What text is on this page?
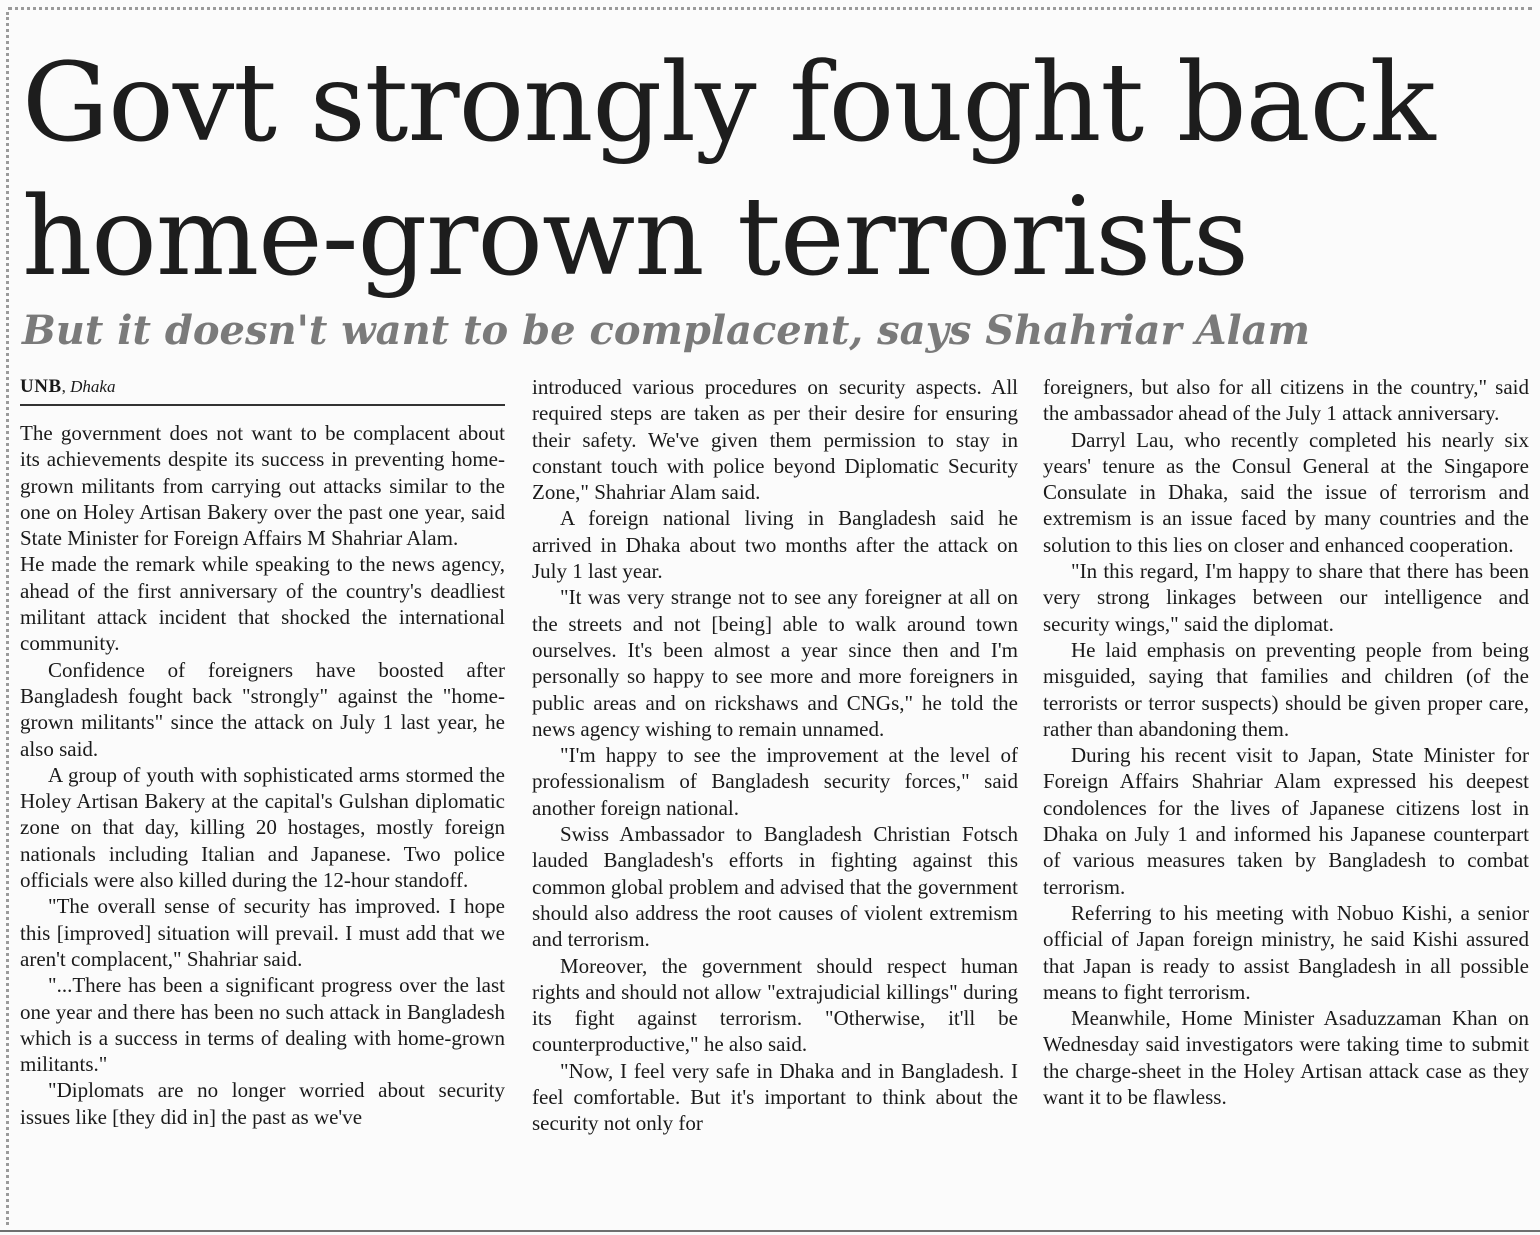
Govt strongly fought back
home-grown terrorists
But it doesn't want to be complacent, says Shahriar Alam
UNB, Dhaka

The government does not want to be complacent about its achievements despite its success in preventing home-grown militants from carrying out attacks similar to the one on Holey Artisan Bakery over the past one year, said State Minister for Foreign Affairs M Shahriar Alam.

He made the remark while speaking to the news agency, ahead of the first anniversary of the country's deadliest militant attack incident that shocked the international community.

Confidence of foreigners have boosted after Bangladesh fought back "strongly" against the "home-grown militants" since the attack on July 1 last year, he also said.

A group of youth with sophisticated arms stormed the Holey Artisan Bakery at the capital's Gulshan diplomatic zone on that day, killing 20 hostages, mostly foreign nationals including Italian and Japanese. Two police officials were also killed during the 12-hour standoff.

"The overall sense of security has improved. I hope this [improved] situation will prevail. I must add that we aren't complacent," Shahriar said.

"...There has been a significant progress over the last one year and there has been no such attack in Bangladesh which is a success in terms of dealing with home-grown militants."

"Diplomats are no longer worried about security issues like [they did in] the past as we've

introduced various procedures on security aspects. All required steps are taken as per their desire for ensuring their safety. We've given them permission to stay in constant touch with police beyond Diplomatic Security Zone," Shahriar Alam said.

A foreign national living in Bangladesh said he arrived in Dhaka about two months after the attack on July 1 last year.

"It was very strange not to see any foreigner at all on the streets and not [being] able to walk around town ourselves. It's been almost a year since then and I'm personally so happy to see more and more foreigners in public areas and on rickshaws and CNGs," he told the news agency wishing to remain unnamed.

"I'm happy to see the improvement at the level of professionalism of Bangladesh security forces," said another foreign national.

Swiss Ambassador to Bangladesh Christian Fotsch lauded Bangladesh's efforts in fighting against this common global problem and advised that the government should also address the root causes of violent extremism and terrorism.

Moreover, the government should respect human rights and should not allow "extrajudicial killings" during its fight against terrorism. "Otherwise, it'll be counterproductive," he also said.

"Now, I feel very safe in Dhaka and in Bangladesh. I feel comfortable. But it's important to think about the security not only for

foreigners, but also for all citizens in the country," said the ambassador ahead of the July 1 attack anniversary.

Darryl Lau, who recently completed his nearly six years' tenure as the Consul General at the Singapore Consulate in Dhaka, said the issue of terrorism and extremism is an issue faced by many countries and the solution to this lies on closer and enhanced cooperation.

"In this regard, I'm happy to share that there has been very strong linkages between our intelligence and security wings," said the diplomat.

He laid emphasis on preventing people from being misguided, saying that families and children (of the terrorists or terror suspects) should be given proper care, rather than abandoning them.

During his recent visit to Japan, State Minister for Foreign Affairs Shahriar Alam expressed his deepest condolences for the lives of Japanese citizens lost in Dhaka on July 1 and informed his Japanese counterpart of various measures taken by Bangladesh to combat terrorism.

Referring to his meeting with Nobuo Kishi, a senior official of Japan foreign ministry, he said Kishi assured that Japan is ready to assist Bangladesh in all possible means to fight terrorism.

Meanwhile, Home Minister Asaduzzaman Khan on Wednesday said investigators were taking time to submit the charge-sheet in the Holey Artisan attack case as they want it to be flawless.
